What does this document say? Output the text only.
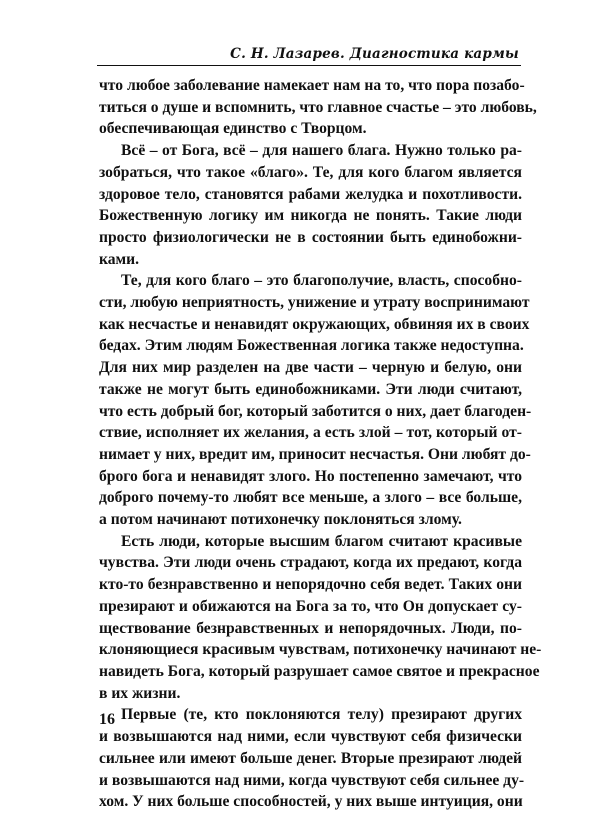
С. Н. Лазарев. Диагностика кармы
что любое заболевание намекает нам на то, что пора позабо-
титься о душе и вспомнить, что главное счастье – это любовь,
обеспечивающая единство с Творцом.
Всё – от Бога, всё – для нашего блага. Нужно только ра-
зобраться, что такое «благо». Те, для кого благом является
здоровое тело, становятся рабами желудка и похотливости.
Божественную логику им никогда не понять. Такие люди
просто физиологически не в состоянии быть единобожни-
ками.
Те, для кого благо – это благополучие, власть, способно-
сти, любую неприятность, унижение и утрату воспринимают
как несчастье и ненавидят окружающих, обвиняя их в своих
бедах. Этим людям Божественная логика также недоступна.
Для них мир разделен на две части – черную и белую, они
также не могут быть единобожниками. Эти люди считают,
что есть добрый бог, который заботится о них, дает благоден-
ствие, исполняет их желания, а есть злой – тот, который от-
нимает у них, вредит им, приносит несчастья. Они любят до-
брого бога и ненавидят злого. Но постепенно замечают, что
доброго почему-то любят все меньше, а злого – все больше,
а потом начинают потихонечку поклоняться злому.
Есть люди, которые высшим благом считают красивые
чувства. Эти люди очень страдают, когда их предают, когда
кто-то безнравственно и непорядочно себя ведет. Таких они
презирают и обижаются на Бога за то, что Он допускает су-
ществование безнравственных и непорядочных. Люди, по-
клоняющиеся красивым чувствам, потихонечку начинают не-
навидеть Бога, который разрушает самое святое и прекрасное
в их жизни.
Первые (те, кто поклоняются телу) презирают других
и возвышаются над ними, если чувствуют себя физически
сильнее или имеют больше денег. Вторые презирают людей
и возвышаются над ними, когда чувствуют себя сильнее ду-
хом. У них больше способностей, у них выше интуиция, они
16
